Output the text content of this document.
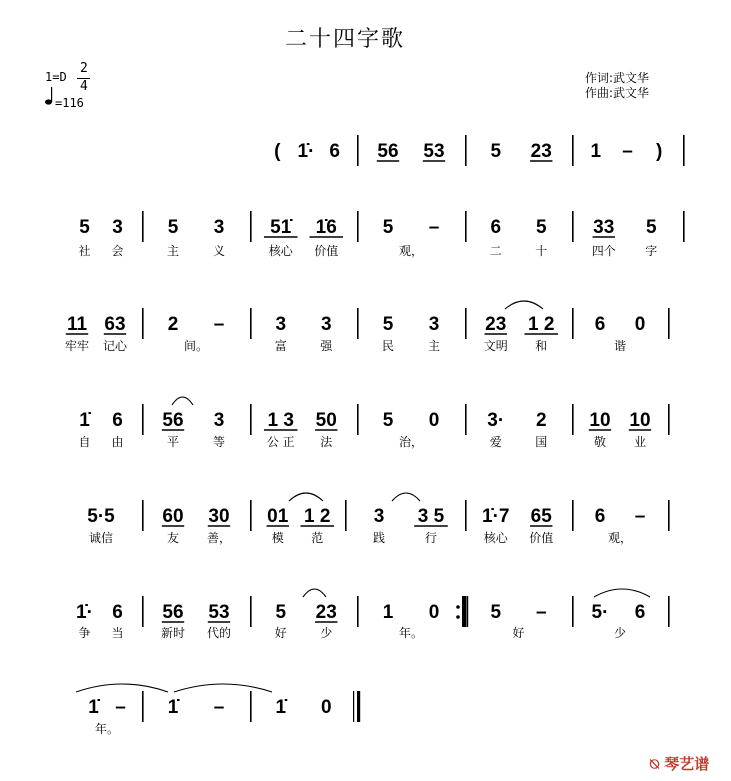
二十四字歌
1=D
2
4
=116
作词:武文华
作曲:武文华
( 1̇· 6 56 53 5 23 1 – )
5 3
社 会
5 3
主	义
51̇ 1̇6
核心 价值
5 –
观，
6 5
二	十
33 5
四个 字
11 63
牢牢 记心
2 –
间。
3 3
富	强
5 3
民	主
23 1 2
文明 和
6 0
谐
1̇ 6
自 由
56 3
平	等
1 3 50
公 正 法
5 0
治，
3· 2
爱	国
10 10
敬 业
5·5
诚信
60 30
友 善，
01 1 2
模 范
3 3 5
践	行
1̇·7 65
核心 价值
6 –
观，
1̇· 6
争 当
56 53
新时 代的
5 23
好	少
1 0
年。
5 –
好
5· 6
少
1̇ –
年。
1̇ –	1̇ 0
⍉ 琴艺谱
